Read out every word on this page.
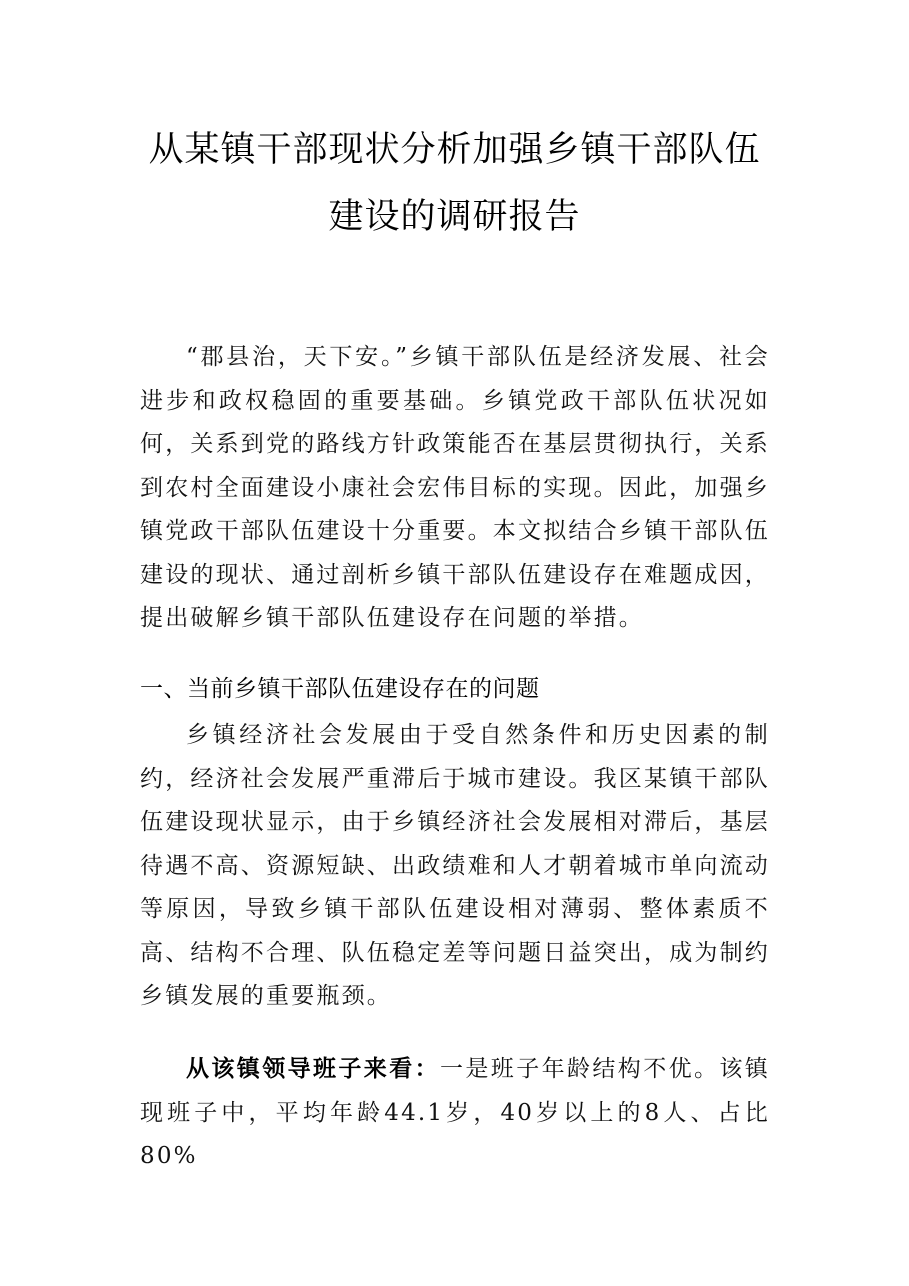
从某镇干部现状分析加强乡镇干部队伍
建设的调研报告
“郡县治，天下安。”乡镇干部队伍是经济发展、社会进步和政权稳固的重要基础。乡镇党政干部队伍状况如何，关系到党的路线方针政策能否在基层贯彻执行，关系到农村全面建设小康社会宏伟目标的实现。因此，加强乡镇党政干部队伍建设十分重要。本文拟结合乡镇干部队伍建设的现状、通过剖析乡镇干部队伍建设存在难题成因，提出破解乡镇干部队伍建设存在问题的举措。
一、当前乡镇干部队伍建设存在的问题
乡镇经济社会发展由于受自然条件和历史因素的制约，经济社会发展严重滞后于城市建设。我区某镇干部队伍建设现状显示，由于乡镇经济社会发展相对滞后，基层待遇不高、资源短缺、出政绩难和人才朝着城市单向流动等原因，导致乡镇干部队伍建设相对薄弱、整体素质不高、结构不合理、队伍稳定差等问题日益突出，成为制约乡镇发展的重要瓶颈。
从该镇领导班子来看：一是班子年龄结构不优。该镇现班子中，平均年龄44.1岁，40岁以上的8人、占比80%
